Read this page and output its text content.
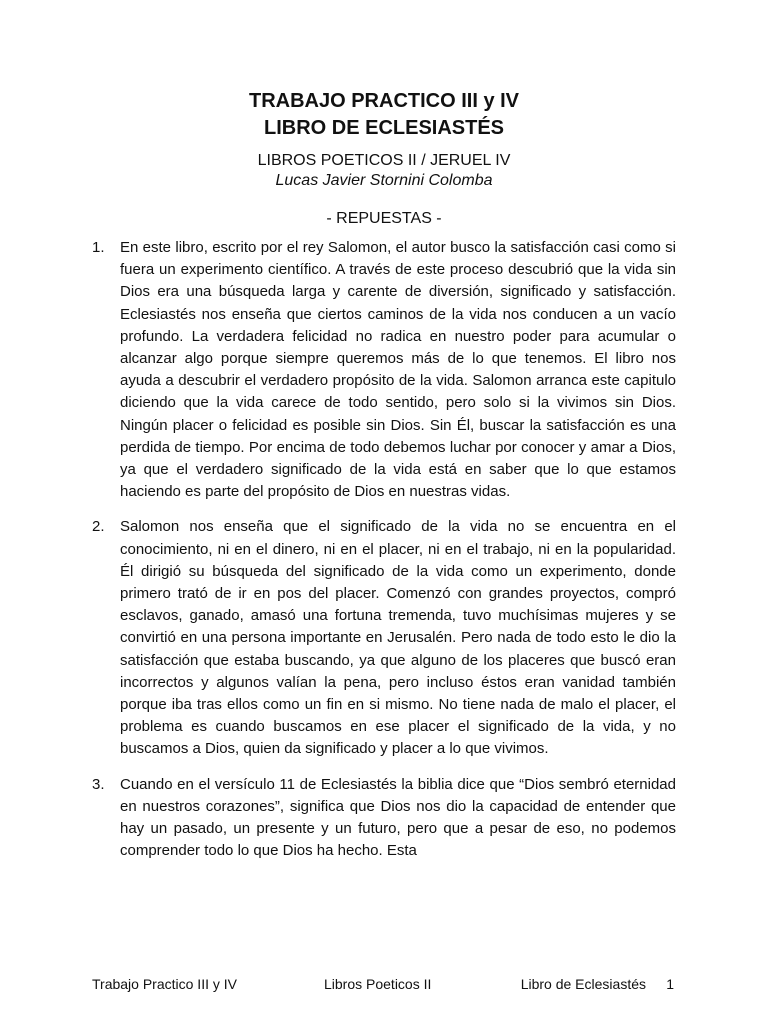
TRABAJO PRACTICO III y IV
LIBRO DE ECLESIASTÉS
LIBROS POETICOS II / JERUEL IV
Lucas Javier Stornini Colomba
- REPUESTAS -
1. En este libro, escrito por el rey Salomon, el autor busco la satisfacción casi como si fuera un experimento científico. A través de este proceso descubrió que la vida sin Dios era una búsqueda larga y carente de diversión, significado y satisfacción. Eclesiastés nos enseña que ciertos caminos de la vida nos conducen a un vacío profundo. La verdadera felicidad no radica en nuestro poder para acumular o alcanzar algo porque siempre queremos más de lo que tenemos. El libro nos ayuda a descubrir el verdadero propósito de la vida. Salomon arranca este capitulo diciendo que la vida carece de todo sentido, pero solo si la vivimos sin Dios. Ningún placer o felicidad es posible sin Dios. Sin Él, buscar la satisfacción es una perdida de tiempo. Por encima de todo debemos luchar por conocer y amar a Dios, ya que el verdadero significado de la vida está en saber que lo que estamos haciendo es parte del propósito de Dios en nuestras vidas.
2. Salomon nos enseña que el significado de la vida no se encuentra en el conocimiento, ni en el dinero, ni en el placer, ni en el trabajo, ni en la popularidad. Él dirigió su búsqueda del significado de la vida como un experimento, donde primero trató de ir en pos del placer. Comenzó con grandes proyectos, compró esclavos, ganado, amasó una fortuna tremenda, tuvo muchísimas mujeres y se convirtió en una persona importante en Jerusalén. Pero nada de todo esto le dio la satisfacción que estaba buscando, ya que alguno de los placeres que buscó eran incorrectos y algunos valían la pena, pero incluso éstos eran vanidad también porque iba tras ellos como un fin en si mismo. No tiene nada de malo el placer, el problema es cuando buscamos en ese placer el significado de la vida, y no buscamos a Dios, quien da significado y placer a lo que vivimos.
3. Cuando en el versículo 11 de Eclesiastés la biblia dice que “Dios sembró eternidad en nuestros corazones”, significa que Dios nos dio la capacidad de entender que hay un pasado, un presente y un futuro, pero que a pesar de eso, no podemos comprender todo lo que Dios ha hecho. Esta
Trabajo Practico III y IV	Libros Poeticos II	Libro de Eclesiastés 1
